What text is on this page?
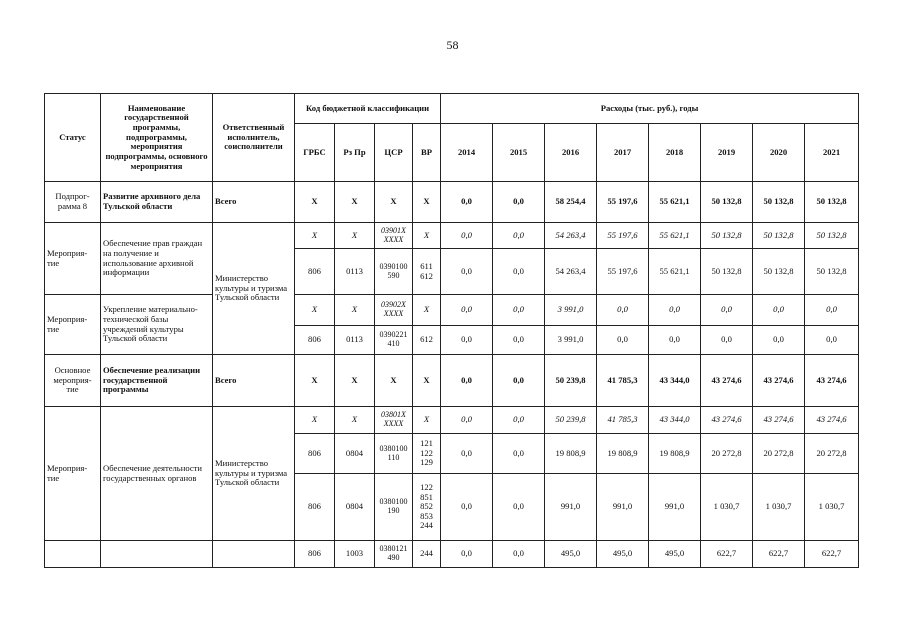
58
Статус	Наименование государственной программы, подпрограммы, мероприятия подпрограммы, основного мероприятия	Ответственный исполнитель, соисполнители	Код бюджетной классификации				Расходы (тыс. руб.), годы							
			ГРБС	Рз Пр	ЦСР	ВР	2014	2015	2016	2017	2018	2019	2020	2021
Подпрог- рамма 8	Развитие архивного дела Тульской области	Всего	Х	Х	Х	Х	0,0	0,0	58 254,4	55 197,6	55 621,1	50 132,8	50 132,8	50 132,8
Мероприя- тие	Обеспечение прав граждан на получение и использование архивной информации	Министерство культуры и туризма Тульской области	Х	Х	03901Х ХХХХ	Х	0,0	0,0	54 263,4	55 197,6	55 621,1	50 132,8	50 132,8	50 132,8
			806	0113	0390100 590	611 612	0,0	0,0	54 263,4	55 197,6	55 621,1	50 132,8	50 132,8	50 132,8
Мероприя- тие	Укрепление материально- технической базы учреждений культуры Тульской области		Х	Х	03902Х ХХХХ	Х	0,0	0,0	3 991,0	0,0	0,0	0,0	0,0	0,0
			806	0113	0390221 410	612	0,0	0,0	3 991,0	0,0	0,0	0,0	0,0	0,0
Основное мероприя- тие	Обеспечение реализации государственной программы	Всего	Х	Х	Х	Х	0,0	0,0	50 239,8	41 785,3	43 344,0	43 274,6	43 274,6	43 274,6
Мероприя- тие	Обеспечение деятельности государственных органов	Министерство культуры и туризма Тульской области	Х	Х	03801Х ХХХХ	Х	0,0	0,0	50 239,8	41 785,3	43 344,0	43 274,6	43 274,6	43 274,6
			806	0804	0380100 110	121 122 129	0,0	0,0	19 808,9	19 808,9	19 808,9	20 272,8	20 272,8	20 272,8
			806	0804	0380100 190	122 851 852 853 244	0,0	0,0	991,0	991,0	991,0	1 030,7	1 030,7	1 030,7
			806	1003	0380121 490	244	0,0	0,0	495,0	495,0	495,0	622,7	622,7	622,7
